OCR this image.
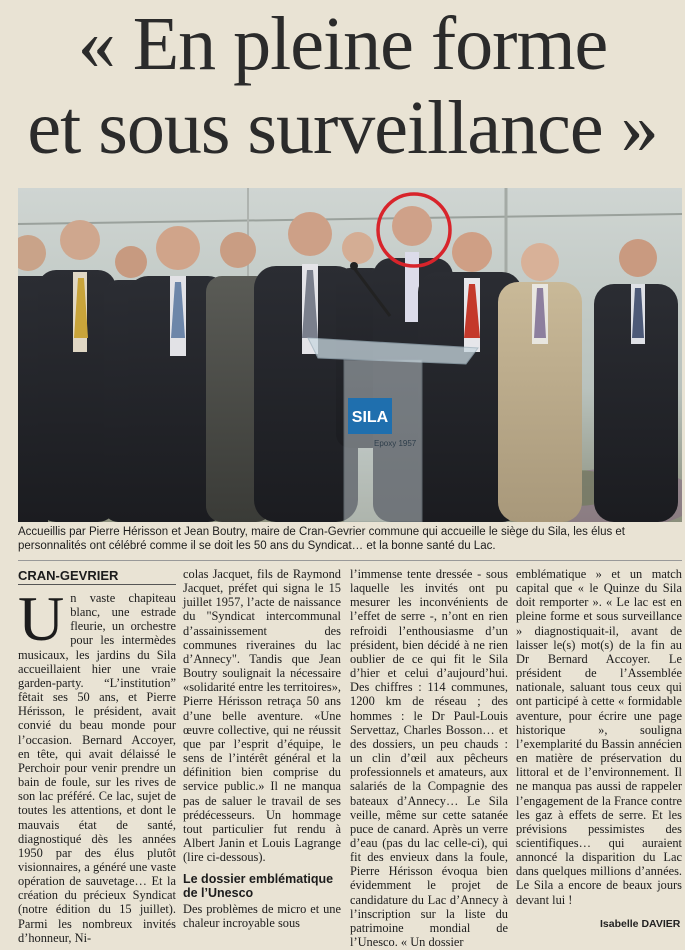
« En pleine forme
et sous surveillance »
SILA
Epoxy 1957
Accueillis par Pierre Hérisson et Jean Boutry, maire de Cran-Gevrier commune qui accueille le siège du Sila, les élus et personnalités ont célébré comme il se doit les 50 ans du Syndicat… et la bonne santé du Lac.
CRAN-GEVRIER
U n vaste chapiteau blanc, une estrade fleurie, un orchestre pour les intermèdes musicaux, les jardins du Sila accueillaient hier une vraie garden-party. “L’institution” fêtait ses 50 ans, et Pierre Hérisson, le président, avait convié du beau monde pour l’occasion. Bernard Accoyer, en tête, qui avait délaissé le Perchoir pour venir prendre un bain de foule, sur les rives de son lac préféré. Ce lac, sujet de toutes les attentions, et dont le mauvais état de santé, diagnostiqué dès les années 1950 par des élus plutôt visionnaires, a généré une vaste opération de sauvetage… Et la création du précieux Syndicat (notre édition du 15 juillet). Parmi les nombreux invités d’honneur, Ni-

colas Jacquet, fils de Raymond Jacquet, préfet qui signa le 15 juillet 1957, l’acte de naissance du "Syndicat intercommunal d’assainissement des communes riveraines du lac d’Annecy". Tandis que Jean Boutry soulignait la nécessaire «solidarité entre les territoires», Pierre Hérisson retraça 50 ans d’une belle aventure. «Une œuvre collective, qui ne réussit que par l’esprit d’équipe, le sens de l’intérêt général et la définition bien comprise du service public.» Il ne manqua pas de saluer le travail de ses prédécesseurs. Un hommage tout particulier fut rendu à Albert Janin et Louis Lagrange (lire ci-dessous).

Le dossier emblématique de l’Unesco

Des problèmes de micro et une chaleur incroyable sous

l’immense tente dressée - sous laquelle les invités ont pu mesurer les inconvénients de l’effet de serre -, n’ont en rien refroidi l’enthousiasme d’un président, bien décidé à ne rien oublier de ce qui fit le Sila d’hier et celui d’aujourd’hui. Des chiffres : 114 communes, 1200 km de réseau ; des hommes : le Dr Paul-Louis Servettaz, Charles Bosson… et des dossiers, un peu chauds : un clin d’œil aux pêcheurs professionnels et amateurs, aux salariés de la Compagnie des bateaux d’Annecy… Le Sila veille, même sur cette satanée puce de canard. Après un verre d’eau (pas du lac celle-ci), qui fit des envieux dans la foule, Pierre Hérisson évoqua bien évidemment le projet de candidature du Lac d’Annecy à l’inscription sur la liste du patrimoine mondial de l’Unesco. « Un dossier

emblématique » et un match capital que « le Quinze du Sila doit remporter ». « Le lac est en pleine forme et sous surveillance » diagnostiquait-il, avant de laisser le(s) mot(s) de la fin au Dr Bernard Accoyer. Le président de l’Assemblée nationale, saluant tous ceux qui ont participé à cette « formidable aventure, pour écrire une page historique », souligna l’exemplarité du Bassin annécien en matière de préservation du littoral et de l’environnement. Il ne manqua pas aussi de rappeler l’engagement de la France contre les gaz à effets de serre. Et les prévisions pessimistes des scientifiques… qui auraient annoncé la disparition du Lac dans quelques millions d’années. Le Sila a encore de beaux jours devant lui !

Isabelle DAVIER
